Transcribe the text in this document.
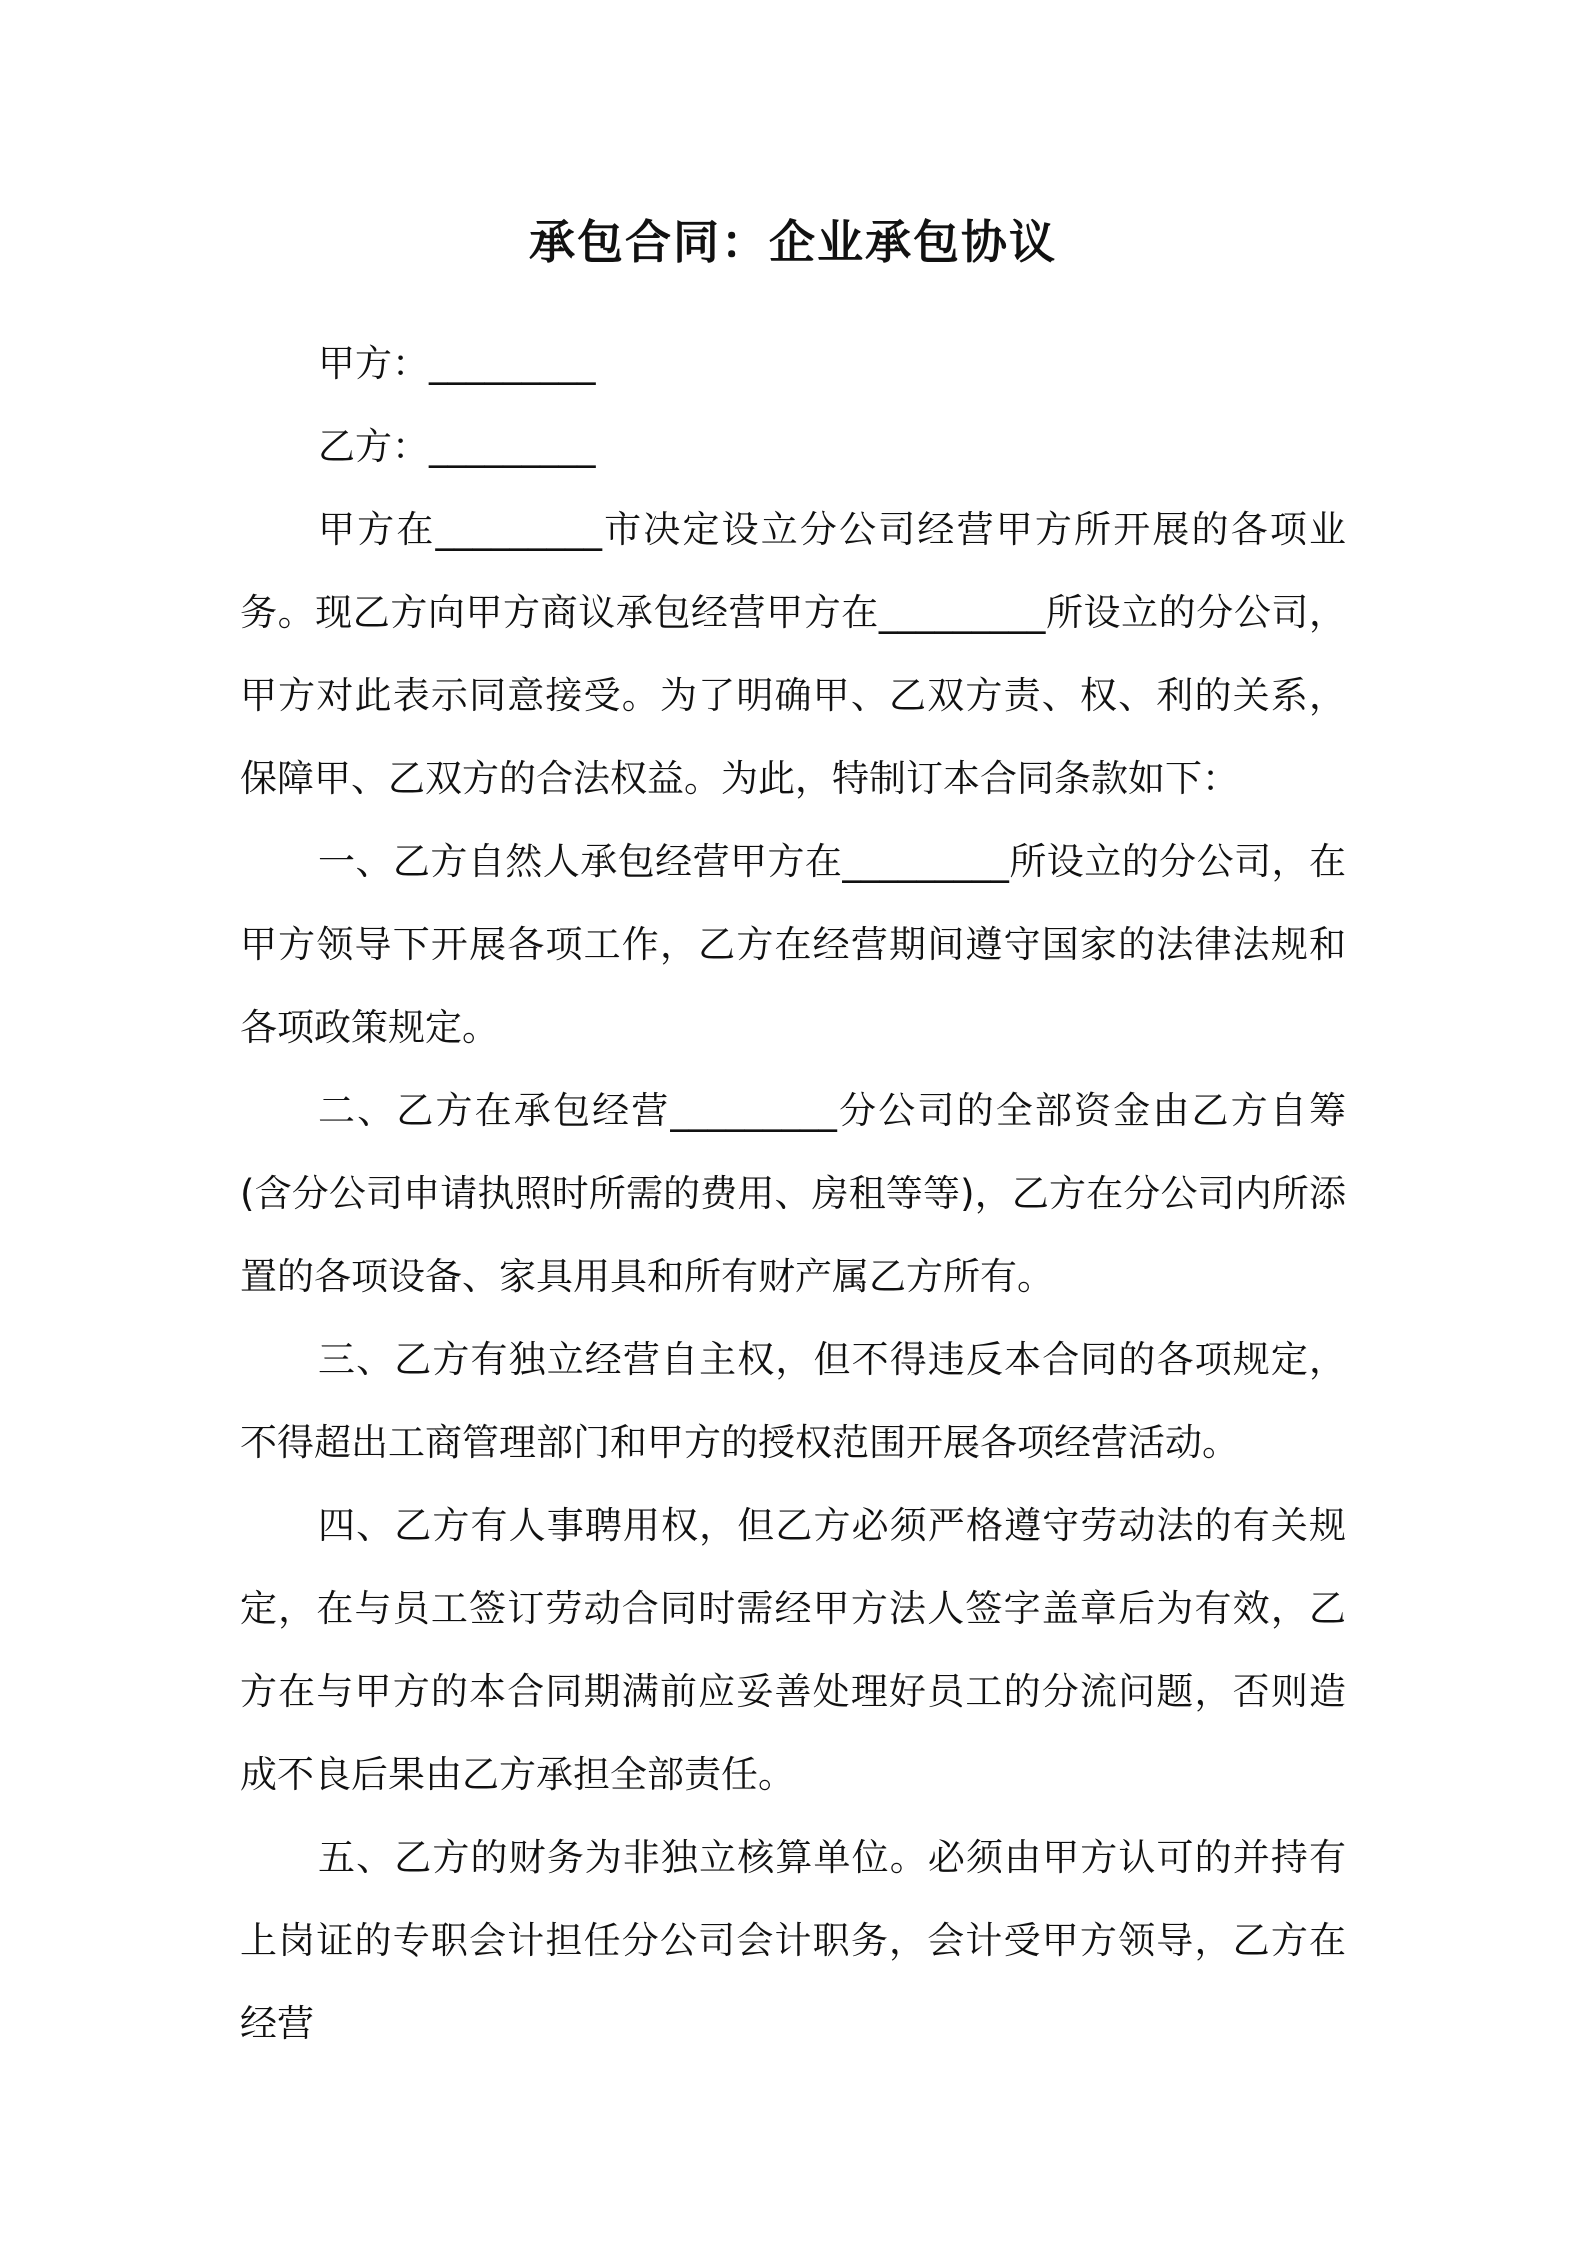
承包合同：企业承包协议

甲方：_________

乙方：_________

甲方在_________市决定设立分公司经营甲方所开展的各项业务。现乙方向甲方商议承包经营甲方在_________所设立的分公司，甲方对此表示同意接受。为了明确甲、乙双方责、权、利的关系，保障甲、乙双方的合法权益。为此，特制订本合同条款如下：

一、乙方自然人承包经营甲方在_________所设立的分公司，在甲方领导下开展各项工作，乙方在经营期间遵守国家的法律法规和各项政策规定。

二、乙方在承包经营_________分公司的全部资金由乙方自筹(含分公司申请执照时所需的费用、房租等等)，乙方在分公司内所添置的各项设备、家具用具和所有财产属乙方所有。

三、乙方有独立经营自主权，但不得违反本合同的各项规定，不得超出工商管理部门和甲方的授权范围开展各项经营活动。

四、乙方有人事聘用权，但乙方必须严格遵守劳动法的有关规定，在与员工签订劳动合同时需经甲方法人签字盖章后为有效，乙方在与甲方的本合同期满前应妥善处理好员工的分流问题，否则造成不良后果由乙方承担全部责任。

五、乙方的财务为非独立核算单位。必须由甲方认可的并持有上岗证的专职会计担任分公司会计职务，会计受甲方领导，乙方在经营
